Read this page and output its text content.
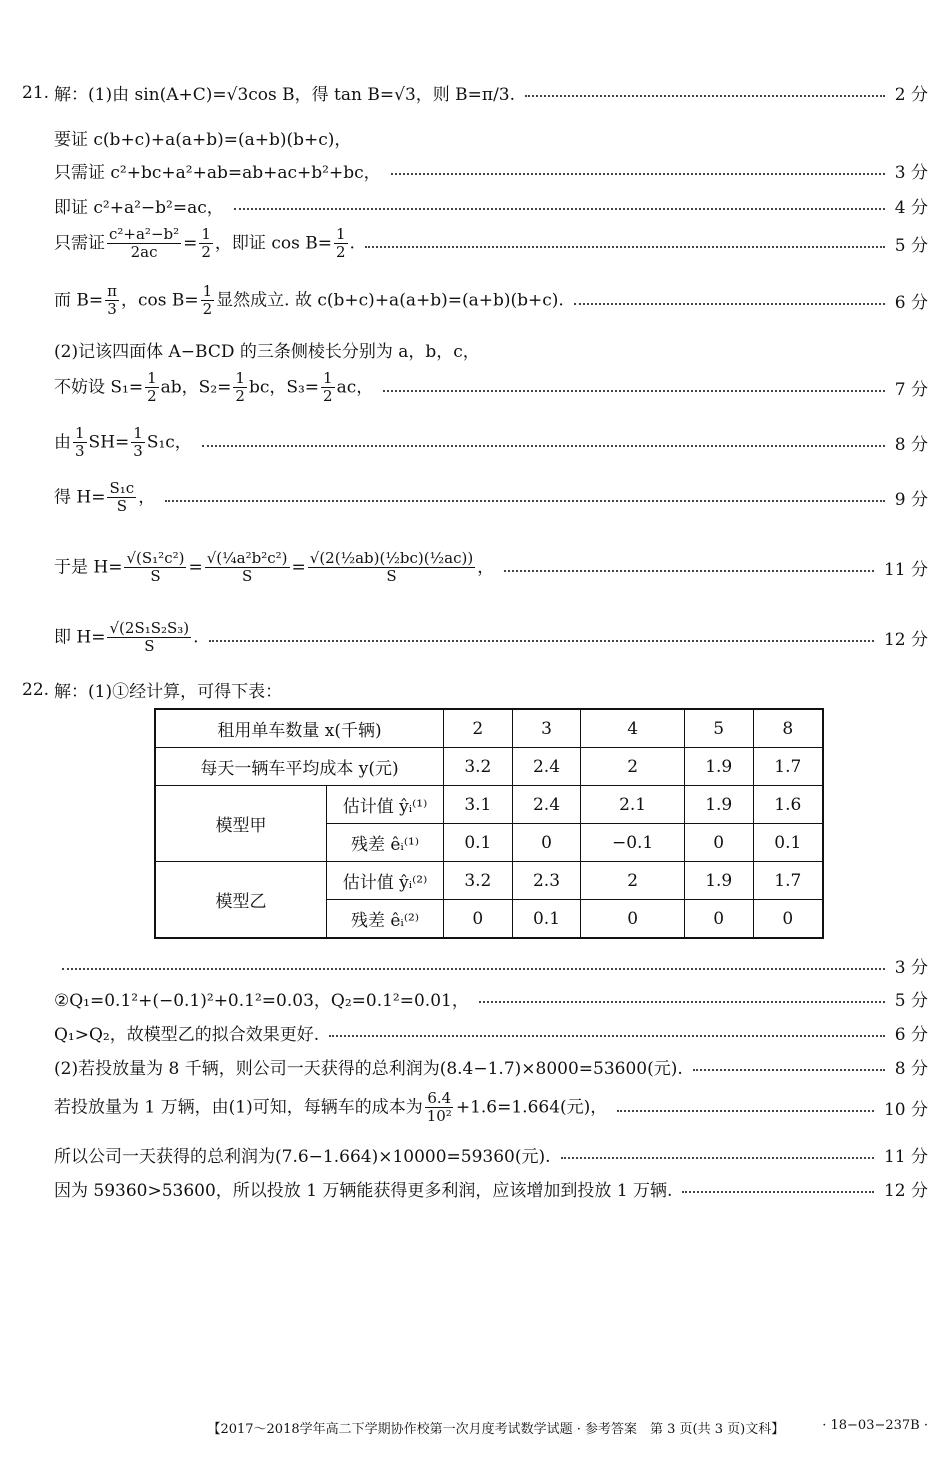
21. 解：(1)由 sin(A+C)=√3cos B，得 tan B=√3，则 B=π/3.	2 分
要证 c(b+c)+a(a+b)=(a+b)(b+c)，
只需证 c²+bc+a²+ab=ab+ac+b²+bc，	3 分
即证 c²+a²−b²=ac，	4 分
只需证 $\frac{\text{c²+a²−b²}}{2ac} = \frac{1}{2}$ ，即证 $\cos B= \frac{1}{2}$ .	5 分
而 $B= \frac{\pi}{3}$ ，$\cos B= \frac{1}{2}$ 显然成立. 故 c(b+c)+a(a+b)=(a+b)(b+c).	6 分
(2)记该四面体 A−BCD 的三条侧棱长分别为 a，b，c，
不妨设 $S_1= \frac{1}{2}$ ab，$S_2= \frac{1}{2}$ bc，$S_3= \frac{1}{2}$ ac，	7 分
由 $\frac{1}{3} SH= \frac{1}{3} S_1c$，	8 分
得 $H= \frac{\text{S₁c}}{S}$ ，	9 分
于是 $H= \frac{\text{√(S₁²c²)}}{S} = \frac{\text{√(¼a²b²c²)}}{S} = \frac{\text{√(2(½ab)(½bc)(½ac))}}{S}$ ，	11 分
即 $H= \frac{\text{√(2S₁S₂S₃)}}{S}$ .	12 分
22. 解：(1)①经计算，可得下表：
租用单车数量 x(千辆)		2	3	4	5	8
每天一辆车平均成本 y(元)		3.2	2.4	2	1.9	1.7
模型甲	估计值 ŷᵢ⁽¹⁾	3.1	2.4	2.1	1.9	1.6
	残差 êᵢ⁽¹⁾	0.1	0	−0.1	0	0.1
模型乙	估计值 ŷᵢ⁽²⁾	3.2	2.3	2	1.9	1.7
	残差 êᵢ⁽²⁾	0	0.1	0	0	0
3 分
②Q₁=0.1²+(−0.1)²+0.1²=0.03，Q₂=0.1²=0.01，	5 分
Q₁>Q₂，故模型乙的拟合效果更好.	6 分
(2)若投放量为 8 千辆，则公司一天获得的总利润为(8.4−1.7)×8000=53600(元).	8 分
若投放量为 1 万辆，由(1)可知，每辆车的成本为 $\frac{6.4}{\text{10²}} +1.6=1.664$(元)，	10 分
所以公司一天获得的总利润为(7.6−1.664)×10000=59360(元).	11 分
因为 59360>53600，所以投放 1 万辆能获得更多利润，应该增加到投放 1 万辆.	12 分
【2017～2018学年高二下学期协作校第一次月度考试数学试题 · 参考答案　第 3 页(共 3 页)文科】	· 18−03−237B ·
